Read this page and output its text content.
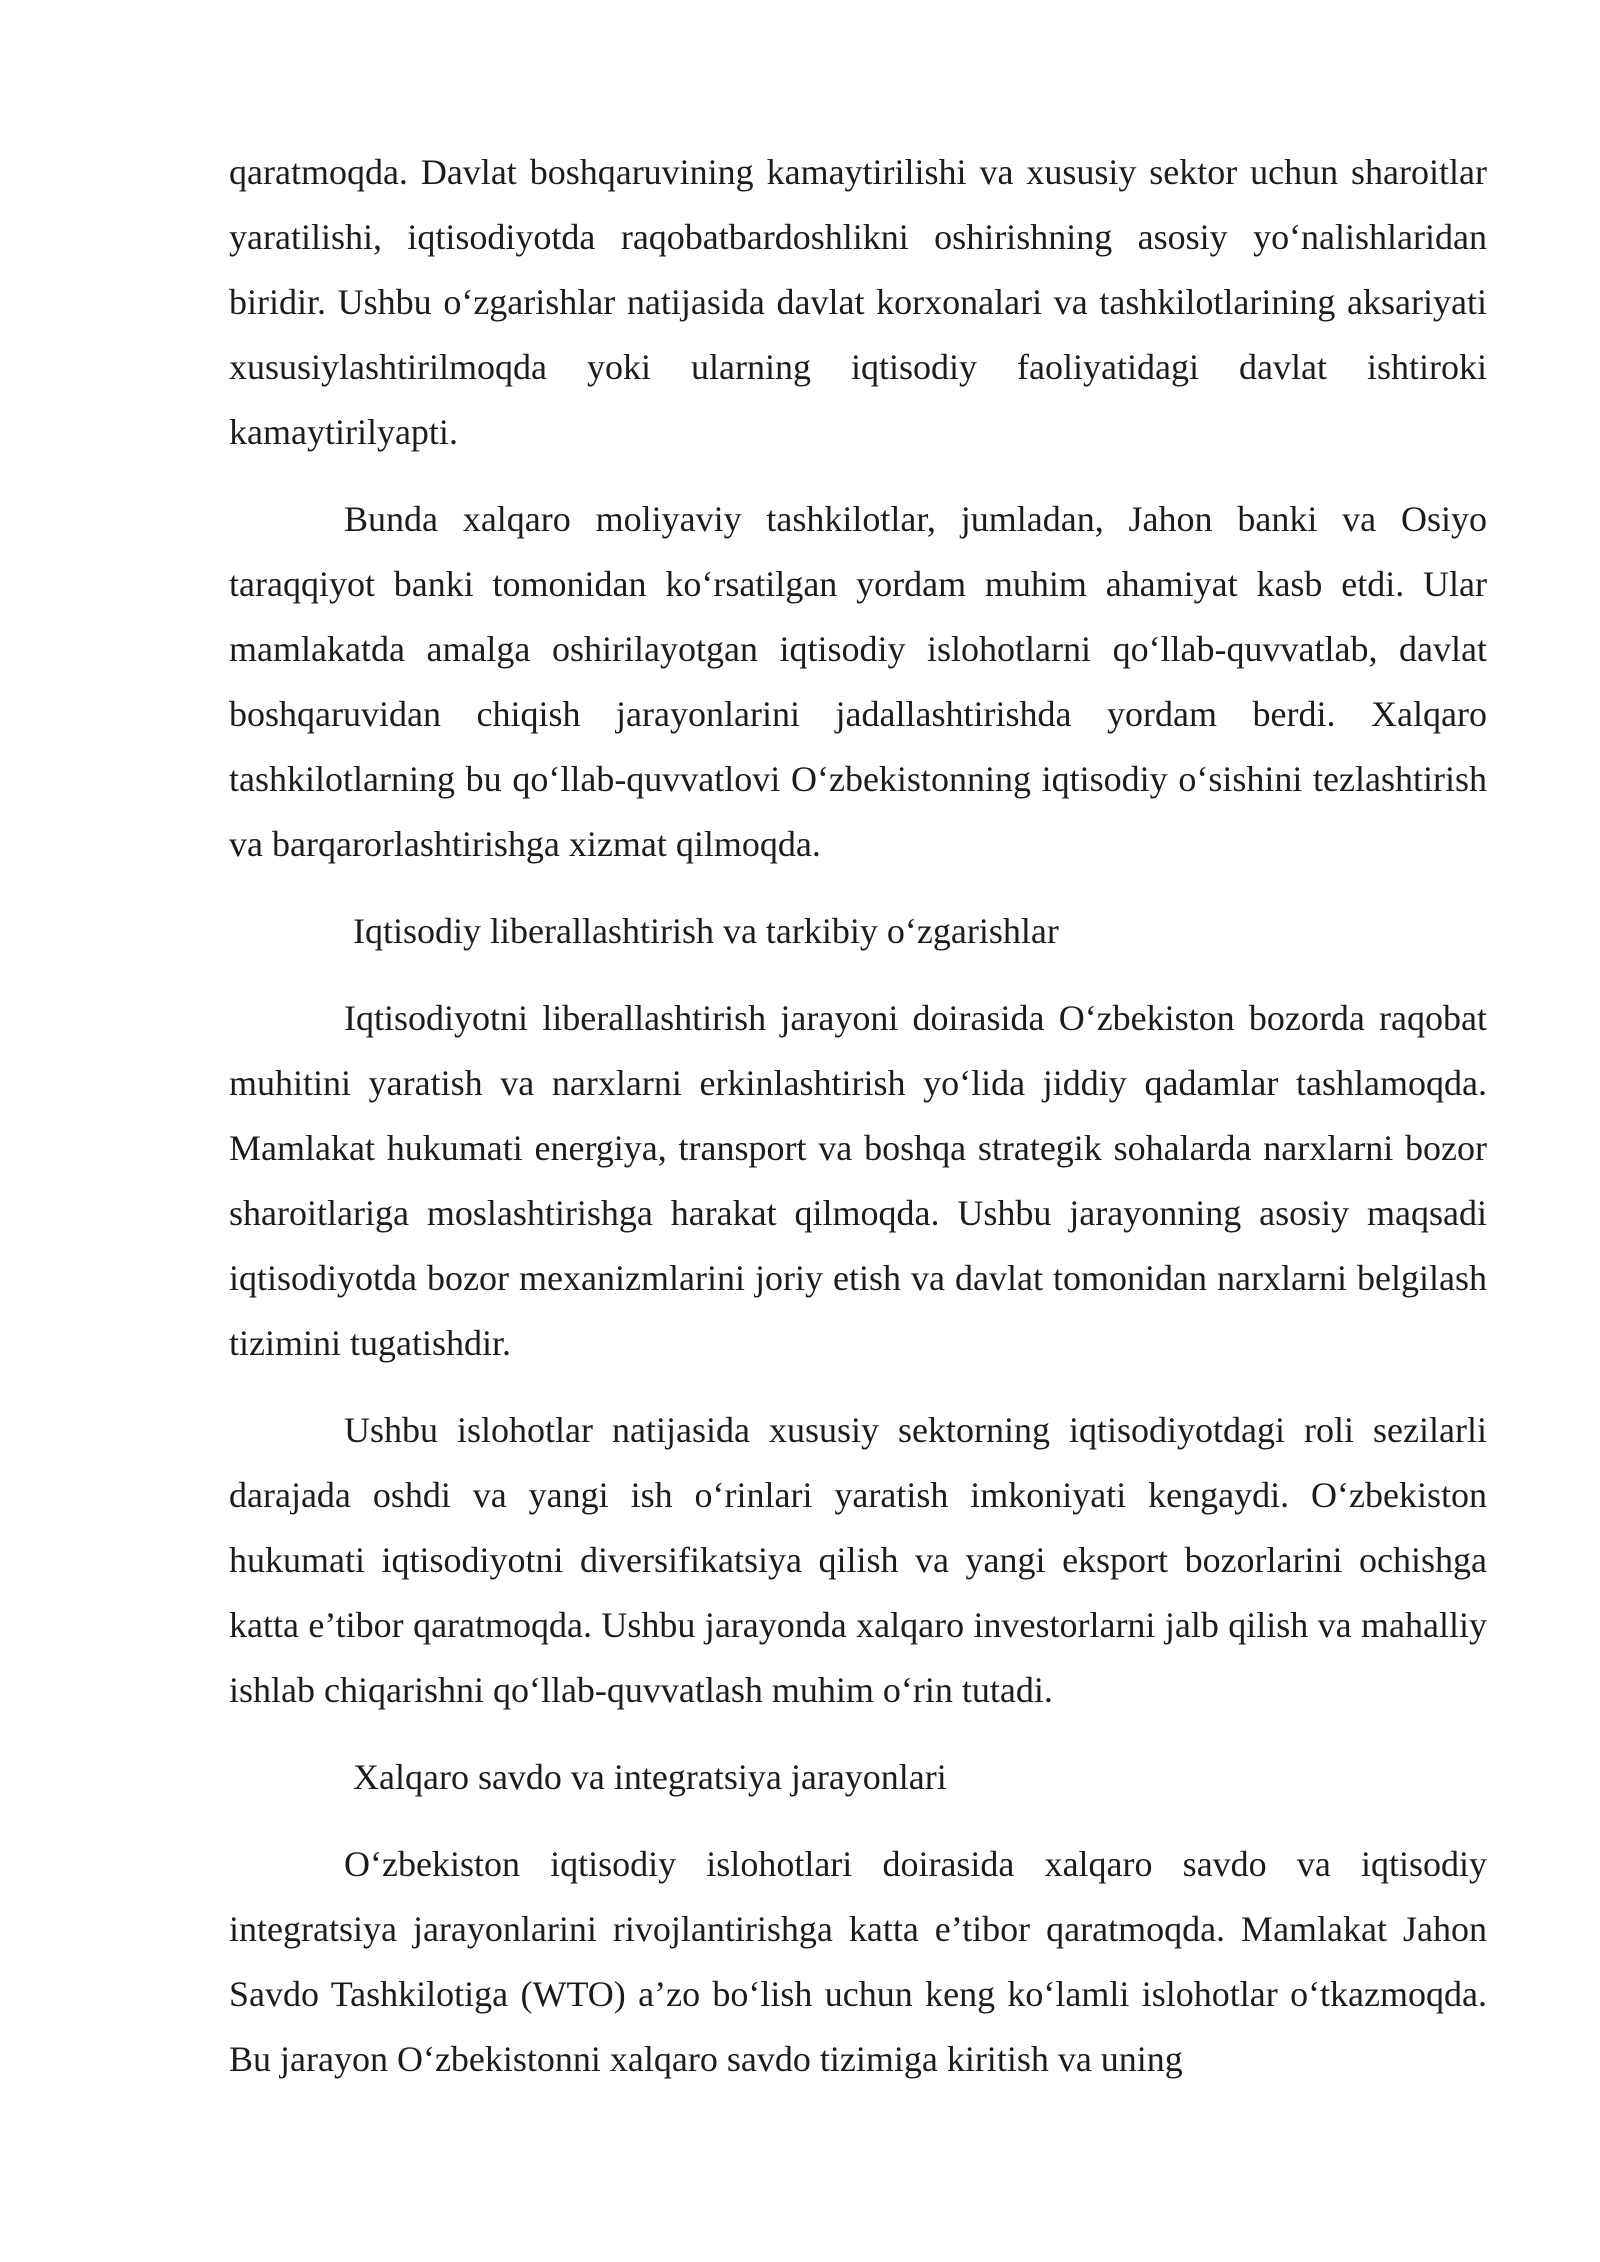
qaratmoqda. Davlat boshqaruvining kamaytirilishi va xususiy sektor uchun sharoitlar yaratilishi, iqtisodiyotda raqobatbardoshlikni oshirishning asosiy yo‘nalishlaridan biridir. Ushbu o‘zgarishlar natijasida davlat korxonalari va tashkilotlarining aksariyati xususiylashtirilmoqda yoki ularning iqtisodiy faoliyatidagi davlat ishtiroki kamaytirilyapti.

Bunda xalqaro moliyaviy tashkilotlar, jumladan, Jahon banki va Osiyo taraqqiyot banki tomonidan ko‘rsatilgan yordam muhim ahamiyat kasb etdi. Ular mamlakatda amalga oshirilayotgan iqtisodiy islohotlarni qo‘llab-quvvatlab, davlat boshqaruvidan chiqish jarayonlarini jadallashtirishda yordam berdi. Xalqaro tashkilotlarning bu qo‘llab-quvvatlovi O‘zbekistonning iqtisodiy o‘sishini tezlashtirish va barqarorlashtirishga xizmat qilmoqda.

Iqtisodiy liberallashtirish va tarkibiy o‘zgarishlar

Iqtisodiyotni liberallashtirish jarayoni doirasida O‘zbekiston bozorda raqobat muhitini yaratish va narxlarni erkinlashtirish yo‘lida jiddiy qadamlar tashlamoqda. Mamlakat hukumati energiya, transport va boshqa strategik sohalarda narxlarni bozor sharoitlariga moslashtirishga harakat qilmoqda. Ushbu jarayonning asosiy maqsadi iqtisodiyotda bozor mexanizmlarini joriy etish va davlat tomonidan narxlarni belgilash tizimini tugatishdir.

Ushbu islohotlar natijasida xususiy sektorning iqtisodiyotdagi roli sezilarli darajada oshdi va yangi ish o‘rinlari yaratish imkoniyati kengaydi. O‘zbekiston hukumati iqtisodiyotni diversifikatsiya qilish va yangi eksport bozorlarini ochishga katta e’tibor qaratmoqda. Ushbu jarayonda xalqaro investorlarni jalb qilish va mahalliy ishlab chiqarishni qo‘llab-quvvatlash muhim o‘rin tutadi.

Xalqaro savdo va integratsiya jarayonlari

O‘zbekiston iqtisodiy islohotlari doirasida xalqaro savdo va iqtisodiy integratsiya jarayonlarini rivojlantirishga katta e’tibor qaratmoqda. Mamlakat Jahon Savdo Tashkilotiga (WTO) a’zo bo‘lish uchun keng ko‘lamli islohotlar o‘tkazmoqda. Bu jarayon O‘zbekistonni xalqaro savdo tizimiga kiritish va uning
